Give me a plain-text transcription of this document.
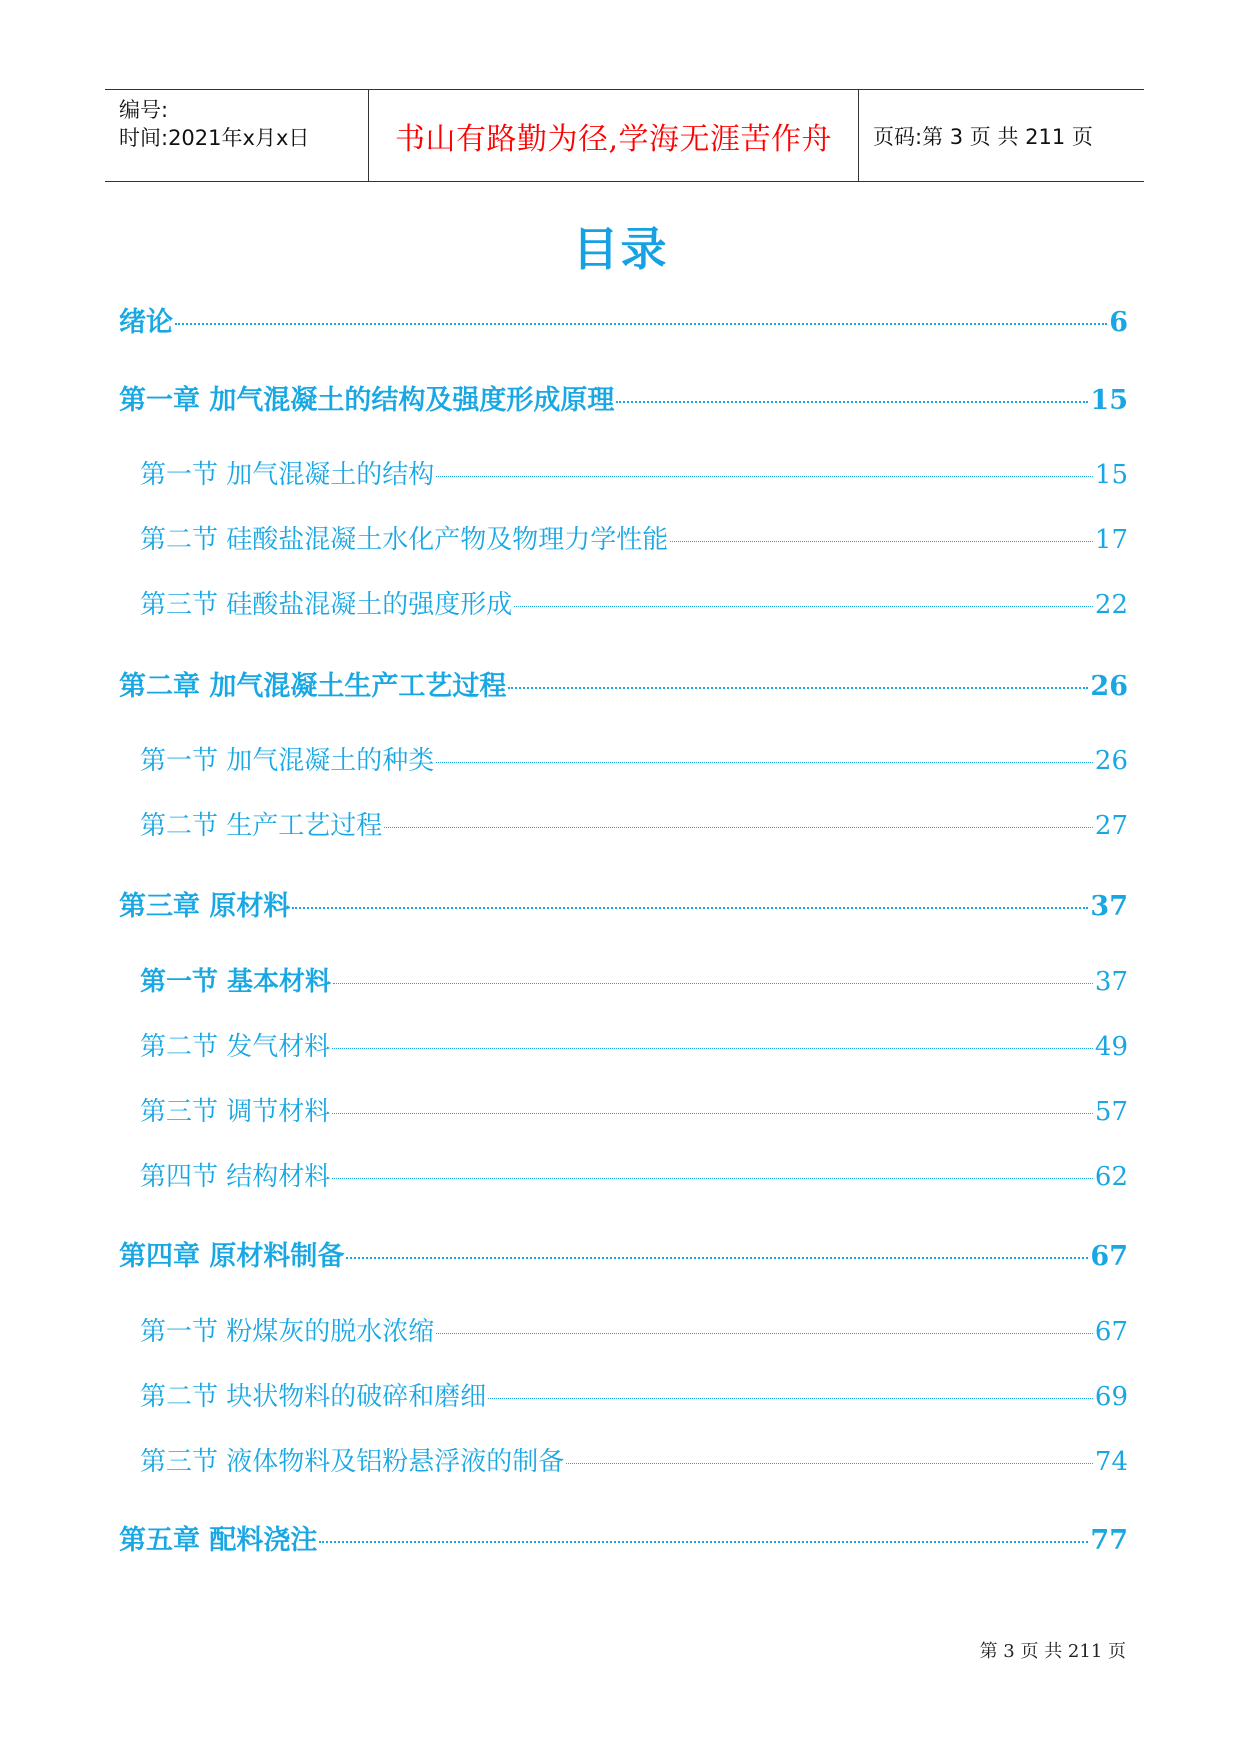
编号:
时间:2021年x月x日	书山有路勤为径,学海无涯苦作舟 页码:第 3 页 共 211 页
目录
绪论	6
第一章 加气混凝土的结构及强度形成原理	15
第一节 加气混凝土的结构	15
第二节 硅酸盐混凝土水化产物及物理力学性能	17
第三节 硅酸盐混凝土的强度形成	22
第二章 加气混凝土生产工艺过程	26
第一节 加气混凝土的种类	26
第二节 生产工艺过程	27
第三章 原材料	37
第一节 基本材料	37
第二节 发气材料	49
第三节 调节材料	57
第四节 结构材料	62
第四章 原材料制备	67
第一节 粉煤灰的脱水浓缩	67
第二节 块状物料的破碎和磨细	69
第三节 液体物料及铝粉悬浮液的制备	74
第五章 配料浇注	77
第 3 页 共 211 页
